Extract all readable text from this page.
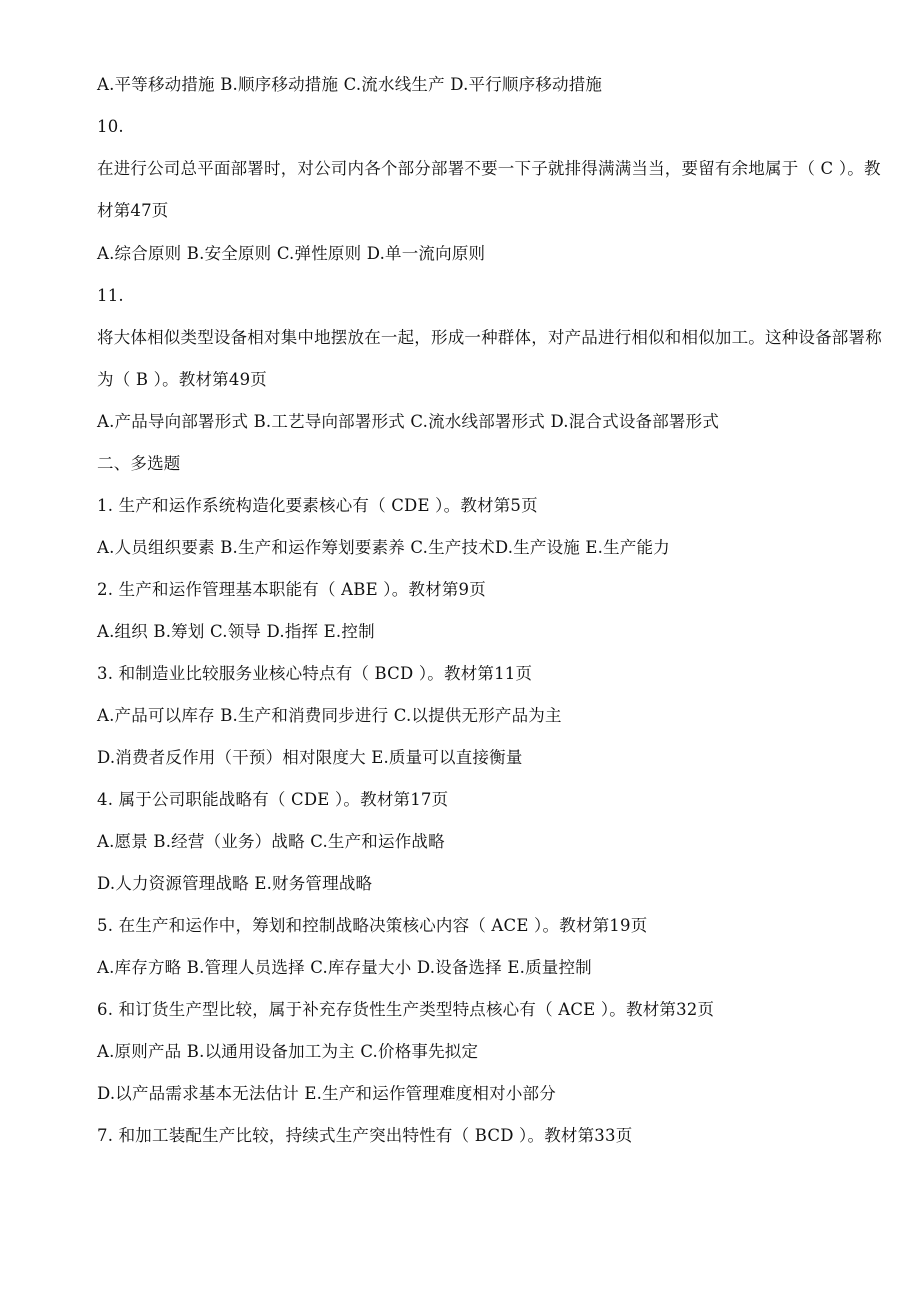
A.平等移动措施 B.顺序移动措施 C.流水线生产 D.平行顺序移动措施
10.
在进行公司总平面部署时，对公司内各个部分部署不要一下子就排得满满当当，要留有余地属于（ C ）。教材第47页
A.综合原则 B.安全原则 C.弹性原则 D.单一流向原则
11.
将大体相似类型设备相对集中地摆放在一起，形成一种群体，对产品进行相似和相似加工。这种设备部署称为（ B ）。教材第49页
A.产品导向部署形式 B.工艺导向部署形式 C.流水线部署形式 D.混合式设备部署形式
二、多选题
1. 生产和运作系统构造化要素核心有（ CDE ）。教材第5页
A.人员组织要素 B.生产和运作筹划要素养 C.生产技术D.生产设施 E.生产能力
2. 生产和运作管理基本职能有（ ABE ）。教材第9页
A.组织 B.筹划 C.领导 D.指挥 E.控制
3. 和制造业比较服务业核心特点有（ BCD ）。教材第11页
A.产品可以库存 B.生产和消费同步进行 C.以提供无形产品为主
D.消费者反作用（干预）相对限度大 E.质量可以直接衡量
4. 属于公司职能战略有（ CDE ）。教材第17页
A.愿景 B.经营（业务）战略 C.生产和运作战略
D.人力资源管理战略 E.财务管理战略
5. 在生产和运作中，筹划和控制战略决策核心内容（ ACE ）。教材第19页
A.库存方略 B.管理人员选择 C.库存量大小 D.设备选择 E.质量控制
6. 和订货生产型比较，属于补充存货性生产类型特点核心有（ ACE ）。教材第32页
A.原则产品 B.以通用设备加工为主 C.价格事先拟定
D.以产品需求基本无法估计 E.生产和运作管理难度相对小部分
7. 和加工装配生产比较，持续式生产突出特性有（ BCD ）。教材第33页
